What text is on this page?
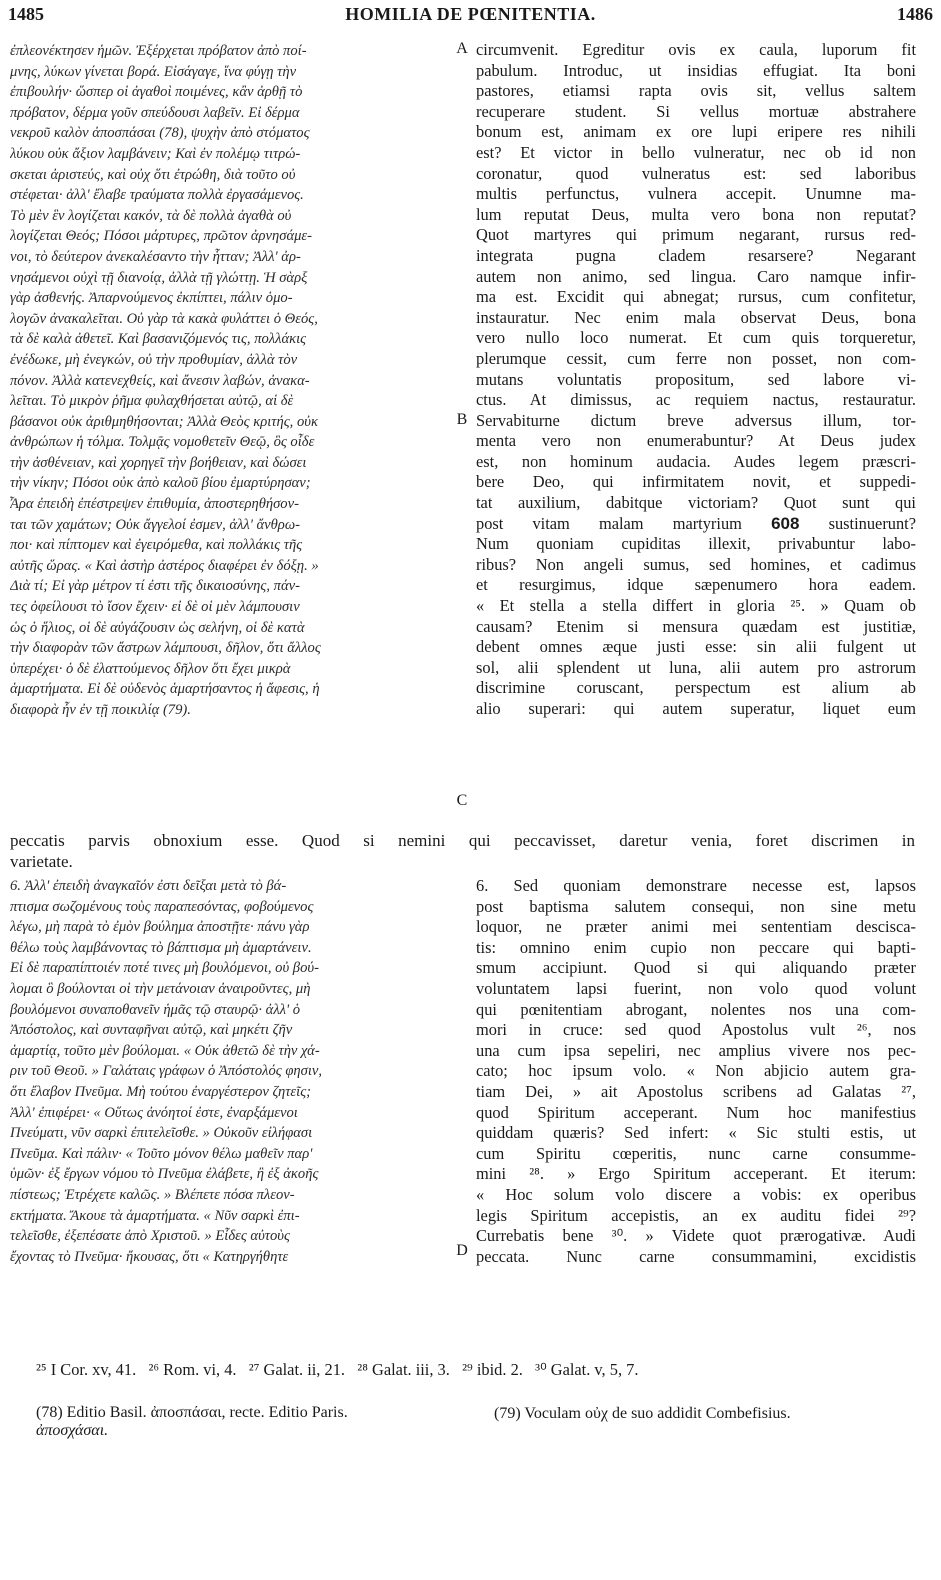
1485	HOMILIA DE PŒNITENTIA.	1486
A
B
C
D
ἐπλεονέκτησεν ἡμῶν. Ἐξέρχεται πρόβατον ἀπὸ ποί-
μνης, λύκων γίνεται βορά. Εἰσάγαγε, ἵνα φύγῃ τὴν
ἐπιβουλήν· ὥσπερ οἱ ἀγαθοὶ ποιμένες, κἂν ἀρθῇ τὸ
πρόβατον, δέρμα γοῦν σπεύδουσι λαβεῖν. Εἰ δέρμα
νεκροῦ καλὸν ἀποσπάσαι (78), ψυχὴν ἀπὸ στόματος
λύκου οὐκ ἄξιον λαμβάνειν; Καὶ ἐν πολέμῳ τιτρώ-
σκεται ἀριστεύς, καὶ οὐχ ὅτι ἐτρώθη, διὰ τοῦτο οὐ
στέφεται· ἀλλ' ἔλαβε τραύματα πολλὰ ἐργασάμενος.
Τὸ μὲν ἓν λογίζεται κακόν, τὰ δὲ πολλὰ ἀγαθὰ οὐ
λογίζεται Θεός; Πόσοι μάρτυρες, πρῶτον ἀρνησάμε-
νοι, τὸ δεύτερον ἀνεκαλέσαντο τὴν ἧτταν; Ἀλλ' ἀρ-
νησάμενοι οὐχὶ τῇ διανοίᾳ, ἀλλὰ τῇ γλώττῃ. Ἡ σὰρξ
γὰρ ἀσθενής. Ἀπαρνούμενος ἐκπίπτει, πάλιν ὁμο-
λογῶν ἀνακαλεῖται. Οὐ γὰρ τὰ κακὰ φυλάττει ὁ Θεός,
τὰ δὲ καλὰ ἀθετεῖ. Καὶ βασανιζόμενός τις, πολλάκις
ἐνέδωκε, μὴ ἐνεγκών, οὐ τὴν προθυμίαν, ἀλλὰ τὸν
πόνον. Ἀλλὰ κατενεχθείς, καὶ ἄνεσιν λαβών, ἀνακα-
λεῖται. Τὸ μικρὸν ῥῆμα φυλαχθήσεται αὐτῷ, αἱ δὲ
βάσανοι οὐκ ἀριθμηθήσονται; Ἀλλὰ Θεὸς κριτής, οὐκ
ἀνθρώπων ἡ τόλμα. Τολμᾷς νομοθετεῖν Θεῷ, ὃς οἶδε
τὴν ἀσθένειαν, καὶ χορηγεῖ τὴν βοήθειαν, καὶ δώσει
τὴν νίκην; Πόσοι οὐκ ἀπὸ καλοῦ βίου ἐμαρτύρησαν;
Ἆρα ἐπειδὴ ἐπέστρεψεν ἐπιθυμία, ἀποστερηθήσον-
ται τῶν χαμάτων; Οὐκ ἄγγελοί ἐσμεν, ἀλλ' ἄνθρω-
ποι· καὶ πίπτομεν καὶ ἐγειρόμεθα, καὶ πολλάκις τῆς
αὐτῆς ὥρας. « Καὶ ἀστὴρ ἀστέρος διαφέρει ἐν δόξῃ. »
Διὰ τί; Εἰ γὰρ μέτρον τί ἐστι τῆς δικαιοσύνης, πάν-
τες ὀφείλουσι τὸ ἴσον ἔχειν· εἰ δὲ οἱ μὲν λάμπουσιν
ὡς ὁ ἥλιος, οἱ δὲ αὐγάζουσιν ὡς σελήνη, οἱ δὲ κατὰ
τὴν διαφορὰν τῶν ἄστρων λάμπουσι, δῆλον, ὅτι ἄλλος
ὑπερέχει· ὁ δὲ ἐλαττούμενος δῆλον ὅτι ἔχει μικρὰ
ἁμαρτήματα. Εἰ δὲ οὐδενὸς ἁμαρτήσαντος ἡ ἄφεσις, ἡ
διαφορὰ ἦν ἐν τῇ ποικιλίᾳ (79).
circumvenit. Egreditur ovis ex caula, luporum fit
pabulum. Introduc, ut insidias effugiat. Ita boni
pastores, etiamsi rapta ovis sit, vellus saltem
recuperare student. Si vellus mortuæ abstrahere
bonum est, animam ex ore lupi eripere res nihili
est? Et victor in bello vulneratur, nec ob id non
coronatur, quod vulneratus est: sed laboribus
multis perfunctus, vulnera accepit. Unumne ma-
lum reputat Deus, multa vero bona non reputat?
Quot martyres qui primum negarant, rursus red-
integrata pugna cladem resarsere? Negarant
autem non animo, sed lingua. Caro namque infir-
ma est. Excidit qui abnegat; rursus, cum confitetur,
instauratur. Nec enim mala observat Deus, bona
vero nullo loco numerat. Et cum quis torqueretur,
plerumque cessit, cum ferre non posset, non com-
mutans voluntatis propositum, sed labore vi-
ctus. At dimissus, ac requiem nactus, restauratur.
Servabiturne dictum breve adversus illum, tor-
menta vero non enumerabuntur? At Deus judex
est, non hominum audacia. Audes legem præscri-
bere Deo, qui infirmitatem novit, et suppedi-
tat auxilium, dabitque victoriam? Quot sunt qui
post vitam malam martyrium 608 sustinuerunt?
Num quoniam cupiditas illexit, privabuntur labo-
ribus? Non angeli sumus, sed homines, et cadimus
et resurgimus, idque sæpenumero hora eadem.
« Et stella a stella differt in gloria ²⁵. » Quam ob
causam? Etenim si mensura quædam est justitiæ,
debent omnes æque justi esse: sin alii fulgent ut
sol, alii splendent ut luna, alii autem pro astrorum
discrimine coruscant, perspectum est alium ab
alio superari: qui autem superatur, liquet eum
peccatis parvis obnoxium esse. Quod si nemini qui peccavisset, daretur venia, foret discrimen in
varietate.
6. Ἀλλ' ἐπειδὴ ἀναγκαῖόν ἐστι δεῖξαι μετὰ τὸ βά-
πτισμα σωζομένους τοὺς παραπεσόντας, φοβούμενος
λέγω, μὴ παρὰ τὸ ἐμὸν βούλημα ἀποστῇτε· πάνυ γὰρ
θέλω τοὺς λαμβάνοντας τὸ βάπτισμα μὴ ἁμαρτάνειν.
Εἰ δὲ παραπίπτοιέν ποτέ τινες μὴ βουλόμενοι, οὐ βού-
λομαι ὃ βούλονται οἱ τὴν μετάνοιαν ἀναιροῦντες, μὴ
βουλόμενοι συναποθανεῖν ἡμᾶς τῷ σταυρῷ· ἀλλ' ὁ
Ἀπόστολος, καὶ συνταφῆναι αὐτῷ, καὶ μηκέτι ζῆν
ἁμαρτίᾳ, τοῦτο μὲν βούλομαι. « Οὐκ ἀθετῶ δὲ τὴν χά-
ριν τοῦ Θεοῦ. » Γαλάταις γράφων ὁ Ἀπόστολός φησιν,
ὅτι ἔλαβον Πνεῦμα. Μὴ τούτου ἐναργέστερον ζητεῖς;
Ἀλλ' ἐπιφέρει· « Οὕτως ἀνόητοί ἐστε, ἐναρξάμενοι
Πνεύματι, νῦν σαρκὶ ἐπιτελεῖσθε. » Οὐκοῦν εἰλήφασι
Πνεῦμα. Καὶ πάλιν· « Τοῦτο μόνον θέλω μαθεῖν παρ'
ὑμῶν· ἐξ ἔργων νόμου τὸ Πνεῦμα ἐλάβετε, ἢ ἐξ ἀκοῆς
πίστεως; Ἐτρέχετε καλῶς. » Βλέπετε πόσα πλεον-
εκτήματα. Ἄκουε τὰ ἁμαρτήματα. « Νῦν σαρκὶ ἐπι-
τελεῖσθε, ἐξεπέσατε ἀπὸ Χριστοῦ. » Εἶδες αὐτοὺς
ἔχοντας τὸ Πνεῦμα· ἤκουσας, ὅτι « Κατηργήθητε
6. Sed quoniam demonstrare necesse est, lapsos
post baptisma salutem consequi, non sine metu
loquor, ne præter animi mei sententiam descisca-
tis: omnino enim cupio non peccare qui bapti-
smum accipiunt. Quod si qui aliquando præter
voluntatem lapsi fuerint, non volo quod volunt
qui pœnitentiam abrogant, nolentes nos una com-
mori in cruce: sed quod Apostolus vult ²⁶, nos
una cum ipsa sepeliri, nec amplius vivere nos pec-
cato; hoc ipsum volo. « Non abjicio autem gra-
tiam Dei, » ait Apostolus scribens ad Galatas ²⁷,
quod Spiritum acceperant. Num hoc manifestius
quiddam quæris? Sed infert: « Sic stulti estis, ut
cum Spiritu cœperitis, nunc carne consumme-
mini ²⁸. » Ergo Spiritum acceperant. Et iterum:
« Hoc solum volo discere a vobis: ex operibus
legis Spiritum accepistis, an ex auditu fidei ²⁹?
Currebatis bene ³⁰. » Videte quot prærogativæ. Audi
peccata. Nunc carne consummamini, excidistis
²⁵ I Cor. xv, 41.   ²⁶ Rom. vi, 4.   ²⁷ Galat. ii, 21.   ²⁸ Galat. iii, 3.   ²⁹ ibid. 2.   ³⁰ Galat. v, 5, 7.
(78) Editio Basil. ἀποσπάσαι, recte. Editio Paris.
ἀποσχάσαι.
(79) Voculam οὐχ de suo addidit Combefisius.
